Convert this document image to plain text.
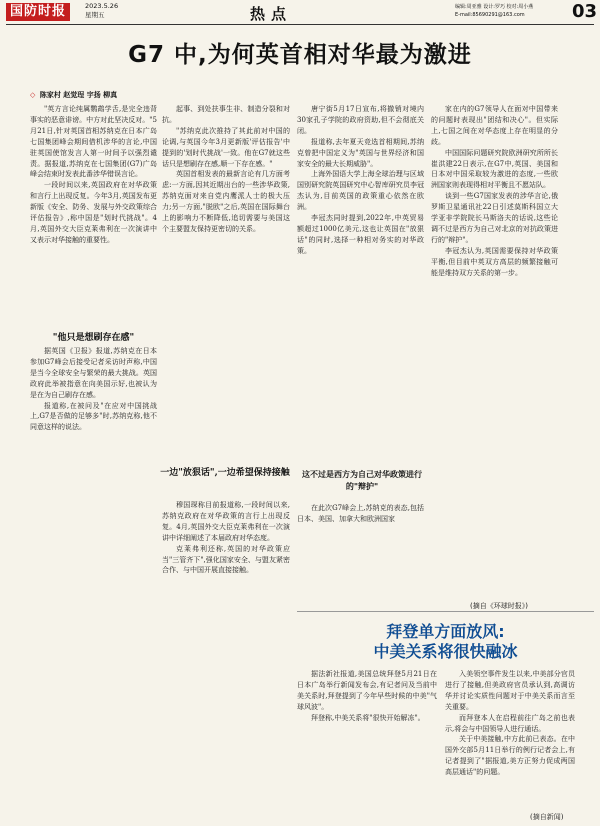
国防时报	2023.5.26
星期五	热点	编辑:周亚雅 设计:罗巧 校对:周小燕
E-mail:85690291@163.com	03
G7 中,为何英首相对华最为激进
◇ 陈家村 赵觉珵 宇扬 柳真

"英方言论纯属鹦鹉学舌,是完全违背事实的恶意诽谤。中方对此坚决反对。"5月21日,针对英国首相苏纳克在日本广岛七国集团峰会期间借机涉华的言论,中国驻英国使馆发言人第一时间予以强烈谴责。据报道,苏纳克在七国集团(G7)广岛峰会结束时发表此番涉华错误言论。

一段时间以来,英国政府在对华政策和言行上出现反复。今年3月,英国发布更新版《安全、防务、发展与外交政策综合评估报告》,称中国是"划时代挑战"。4月,英国外交大臣克莱弗利在一次演讲中又表示对华接触的重要性。

"他只是想刷存在感"

据英国《卫报》报道,苏纳克在日本参加G7峰会后接受记者采访时声称,中国是当今全球安全与繁荣的最大挑战。英国政府此举被指意在向美国示好,也被认为是在为自己刷存在感。

报道称,在被问及"在应对中国挑战上,G7是否做的足够多"时,苏纳克称,他不同意这样的说法。

起事、到处扶事生非、制造分裂和对抗。

"苏纳克此次推持了其此前对中国的论调,与英国今年3月更新版'评估报告'中提到的'划时代挑战'一致。他在G7就这些话只是想刷存在感,顺一下存在感。"

英国首相发表的最新言论有几方面考虑:一方面,因其近期出台的一些涉华政策,苏纳克面对来自党内鹰派人士的极大压力;另一方面,"脱欧"之后,英国在国际舞台上的影响力不断降低,追切需要与美国这个主要盟友保持更密切的关系。

一边"放狠话",一边希望保持接触

穆国琛称目前报道称,一段时间以来,苏纳克政府在对华政策的言行上出现反复。4月,英国外交大臣克莱弗利在一次演讲中详细阐述了本届政府对华态度。

克莱弗利还称,英国的对华政策应当"三管齐下",强化国家安全、与盟友紧密合作、与中国开展直接接触。

唐宁街5月17日宣布,将撤销对境内30家孔子学院的政府资助,但不会彻底关闭。

报道称,去年夏天竞选首相期间,苏纳克曾把中国定义为"英国与世界经济和国家安全的最大长期威胁"。

上海外国语大学上海全球治理与区域国别研究院英国研究中心智库研究员李冠杰认为,目前英国的政策重心依然在欧洲。

李冠杰同时提到,2022年,中英贸易额超过1000亿美元,这也让英国在"放狠话"的同时,选择一种相对务实的对华政策。

这不过是西方为自己对华政策进行的"辩护"

在此次G7峰会上,苏纳克的表态,包括日本、美国、加拿大和欧洲国家

家在内的G7领导人在面对中国带来的问题时表现出"团结和决心"。但实际上,七国之间在对华态度上存在明显的分歧。

中国国际问题研究院欧洲研究所所长崔洪建22日表示,在G7中,英国、美国和日本对中国采取较为激进的态度,一些欧洲国家则表现得相对平衡且不愿站队。

谈到一些G7国家发表的涉华言论,俄罗斯卫星通讯社22日引述莫斯科国立大学亚非学院院长马斯洛夫的话说,这些论调不过是西方为自己对北京的对抗政策进行的"辩护"。

李冠杰认为,英国需要保持对华政策平衡,但目前中英双方高层的频繁接触可能是维持双方关系的第一步。

(摘自《环球时报》)
拜登单方面放风:
中美关系将很快融冰

据法新社报道,美国总统拜登5月21日在日本广岛举行新闻发布会,有记者问及当前中美关系时,拜登提到了今年早些时候的中美"气球风波"。

拜登称,中美关系将"很快开始解冻"。

入美领空事件发生以来,中美部分官员进行了接触,但美政府官员承认到,高调访华并讨论实质性问题对于中美关系而言至关重要。

而拜登本人在启程前往广岛之前也表示,将会与中国领导人进行通话。

关于中美接触,中方此前已表态。在中国外交部5月11日举行的例行记者会上,有记者提到了"据报道,美方正努力促成两国高层通话"的问题。

(摘自新闻)
